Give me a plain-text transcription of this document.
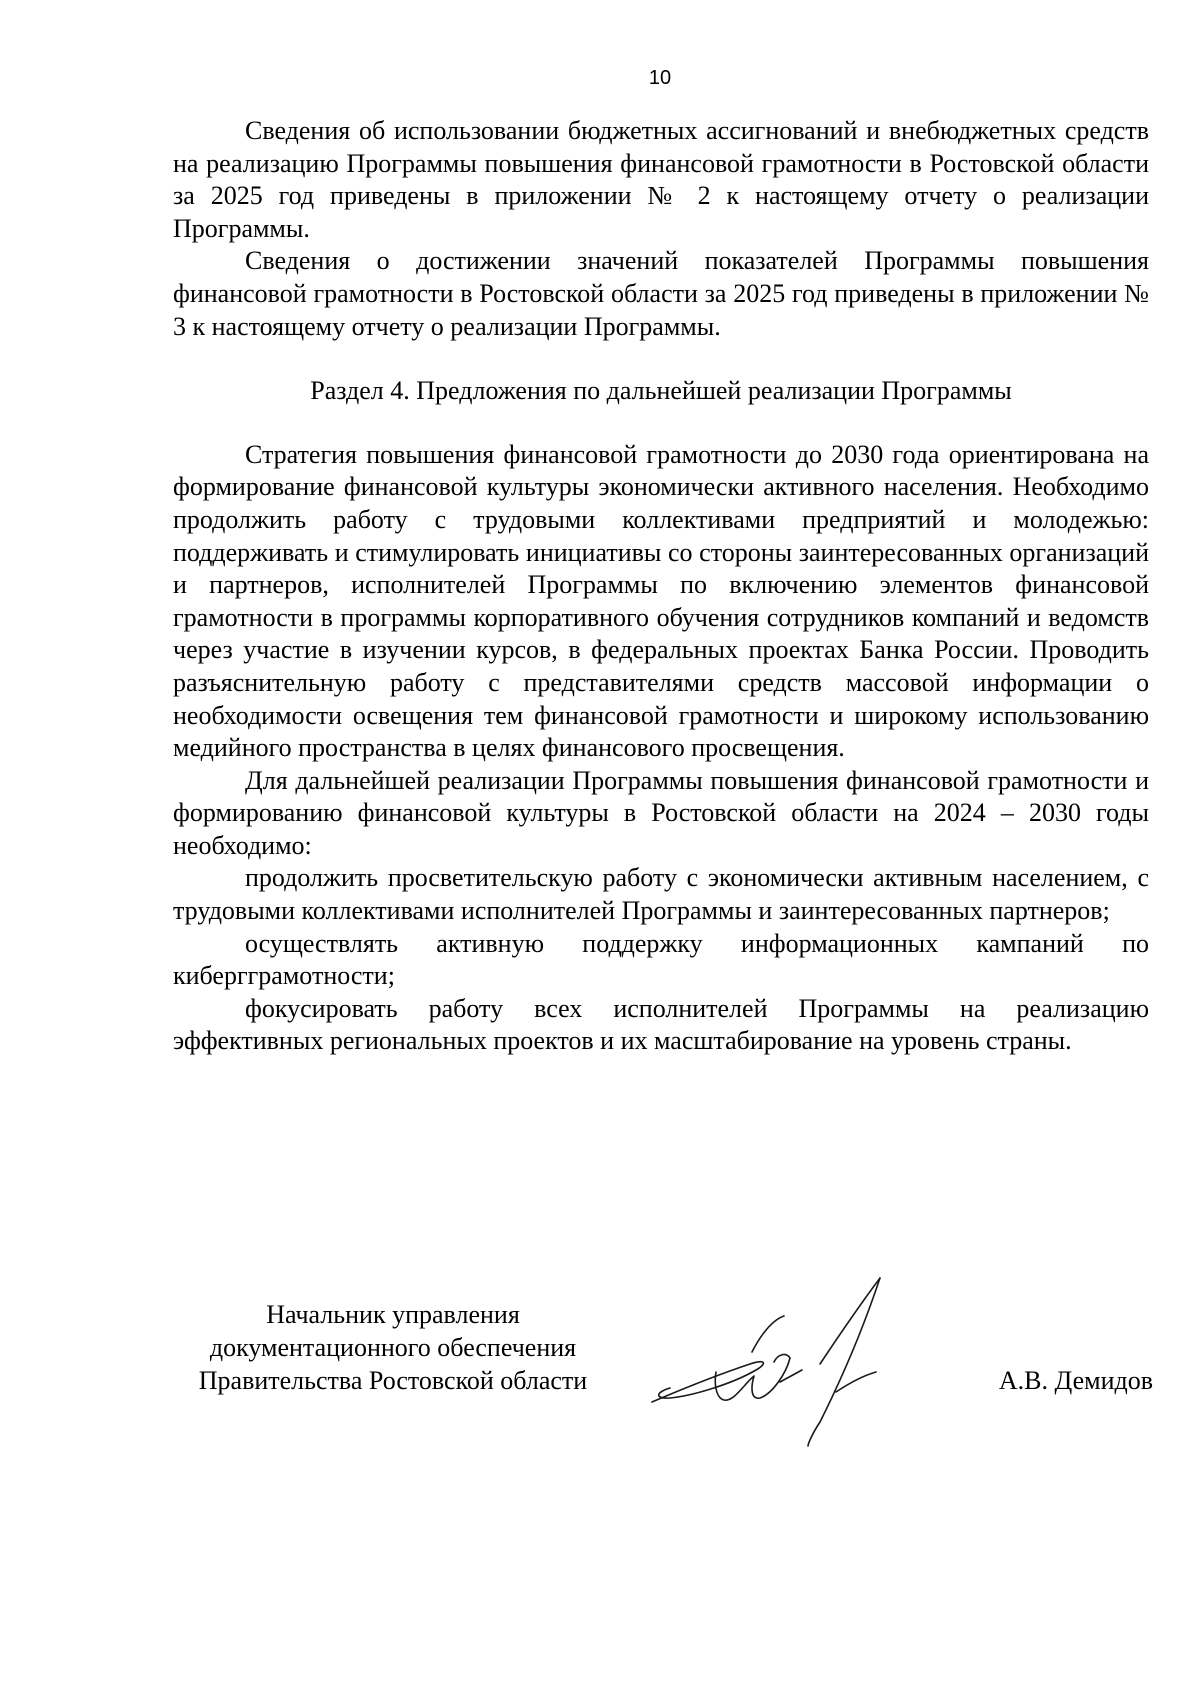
10

Сведения об использовании бюджетных ассигнований и внебюджетных средств на реализацию Программы повышения финансовой грамотности в Ростовской области за 2025 год приведены в приложении № 2 к настоящему отчету о реализации Программы.

Сведения о достижении значений показателей Программы повышения финансовой грамотности в Ростовской области за 2025 год приведены в приложении № 3 к настоящему отчету о реализации Программы.

Раздел 4. Предложения по дальнейшей реализации Программы

Стратегия повышения финансовой грамотности до 2030 года ориентирована на формирование финансовой культуры экономически активного населения. Необходимо продолжить работу с трудовыми коллективами предприятий и молодежью: поддерживать и стимулировать инициативы со стороны заинтересованных организаций и партнеров, исполнителей Программы по включению элементов финансовой грамотности в программы корпоративного обучения сотрудников компаний и ведомств через участие в изучении курсов, в федеральных проектах Банка России. Проводить разъяснительную работу с представителями средств массовой информации о необходимости освещения тем финансовой грамотности и широкому использованию медийного пространства в целях финансового просвещения.

Для дальнейшей реализации Программы повышения финансовой грамотности и формированию финансовой культуры в Ростовской области на 2024 – 2030 годы необходимо:

продолжить просветительскую работу с экономически активным населением, с трудовыми коллективами исполнителей Программы и заинтересованных партнеров;

осуществлять активную поддержку информационных кампаний по кибергграмотности;

фокусировать работу всех исполнителей Программы на реализацию эффективных региональных проектов и их масштабирование на уровень страны.

Начальник управления
документационного обеспечения
Правительства Ростовской области	А.В. Демидов
